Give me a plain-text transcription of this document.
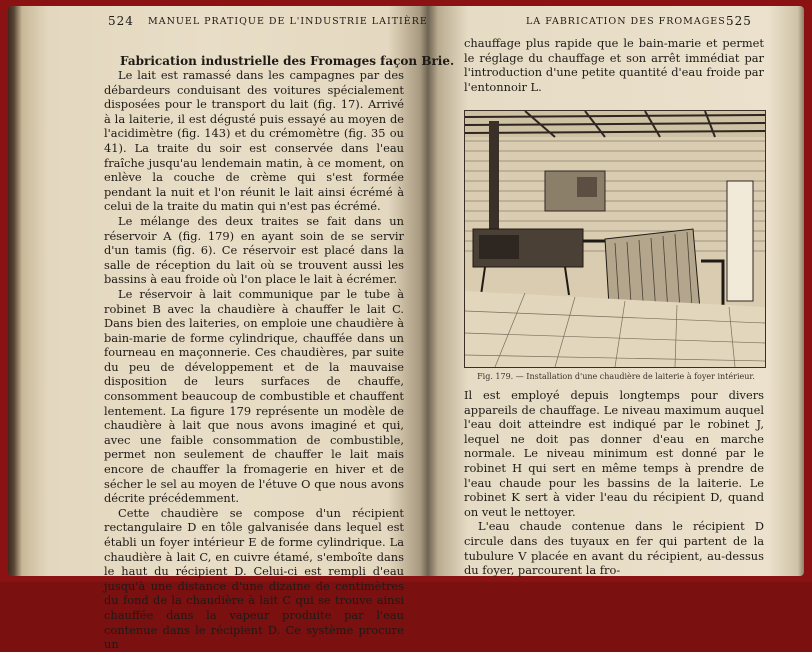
524 MANUEL PRATIQUE DE L'INDUSTRIE LAITIÈRE
Fabrication industrielle des Fromages façon Brie.

Le lait est ramassé dans les campagnes par des débardeurs conduisant des voitures spécialement disposées pour le transport du lait (fig. 17). Arrivé à la laiterie, il est dégusté puis essayé au moyen de l'acidimètre (fig. 143) et du crémomètre (fig. 35 ou 41). La traite du soir est conservée dans l'eau fraîche jusqu'au lendemain matin, à ce moment, on enlève la couche de crème qui s'est formée pendant la nuit et l'on réunit le lait ainsi écrémé à celui de la traite du matin qui n'est pas écrémé.

Le mélange des deux traites se fait dans un réservoir A (fig. 179) en ayant soin de se servir d'un tamis (fig. 6). Ce réservoir est placé dans la salle de réception du lait où se trouvent aussi les bassins à eau froide où l'on place le lait à écrémer.

Le réservoir à lait communique par le tube à robinet B avec la chaudière à chauffer le lait C. Dans bien des laiteries, on emploie une chaudière à bain-marie de forme cylindrique, chauffée dans un fourneau en maçonnerie. Ces chaudières, par suite du peu de développement et de la mauvaise disposition de leurs surfaces de chauffe, consomment beaucoup de combustible et chauffent lentement. La figure 179 représente un modèle de chaudière à lait que nous avons imaginé et qui, avec une faible consommation de combustible, permet non seulement de chauffer le lait mais encore de chauffer la fromagerie en hiver et de sécher le sel au moyen de l'étuve O que nous avons décrite précédemment.

Cette chaudière se compose d'un récipient rectangulaire D en tôle galvanisée dans lequel est établi un foyer intérieur E de forme cylindrique. La chaudière à lait C, en cuivre étamé, s'emboîte dans le haut du récipient D. Celui-ci est rempli d'eau jusqu'à une distance d'une dizaine de centimètres du fond de la chaudière à lait C qui se trouve ainsi chauffée dans la vapeur produite par l'eau contenue dans le récipient D. Ce système procure un

LA FABRICATION DES FROMAGES 525

chauffage plus rapide que le bain-marie et permet le réglage du chauffage et son arrêt immédiat par l'introduction d'une petite quantité d'eau froide par l'entonnoir L.

Fig. 179. — Installation d'une chaudière de laiterie à foyer intérieur.

Il est employé depuis longtemps pour divers appareils de chauffage. Le niveau maximum auquel l'eau doit atteindre est indiqué par le robinet J, lequel ne doit pas donner d'eau en marche normale. Le niveau minimum est donné par le robinet H qui sert en même temps à prendre de l'eau chaude pour les bassins de la laiterie. Le robinet K sert à vider l'eau du récipient D, quand on veut le nettoyer.

L'eau chaude contenue dans le récipient D circule dans des tuyaux en fer qui partent de la tubulure V placée en avant du récipient, au-dessus du foyer, parcourent la fro-
